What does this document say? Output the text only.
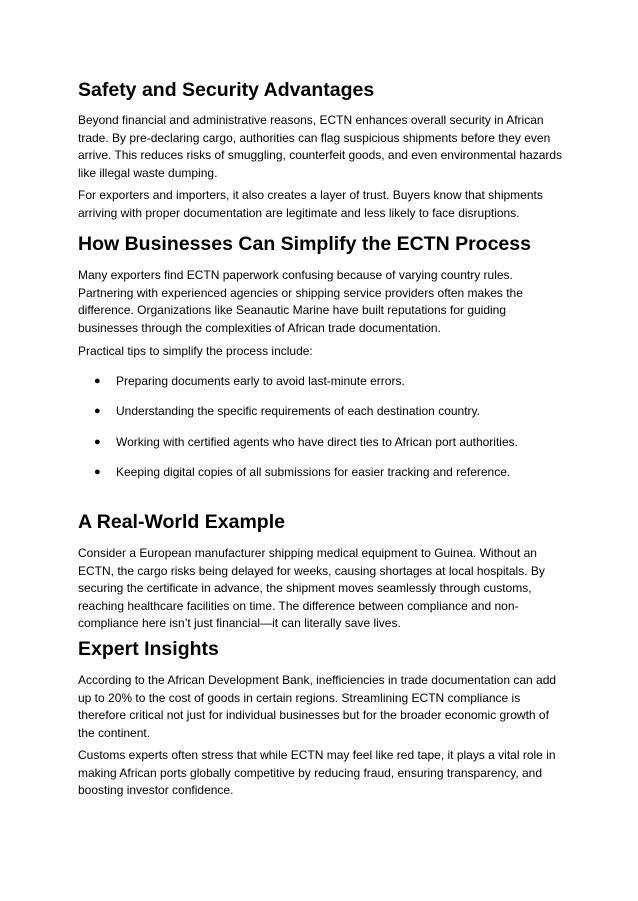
Safety and Security Advantages

Beyond financial and administrative reasons, ECTN enhances overall security in African trade. By pre-declaring cargo, authorities can flag suspicious shipments before they even arrive. This reduces risks of smuggling, counterfeit goods, and even environmental hazards like illegal waste dumping.

For exporters and importers, it also creates a layer of trust. Buyers know that shipments arriving with proper documentation are legitimate and less likely to face disruptions.

How Businesses Can Simplify the ECTN Process

Many exporters find ECTN paperwork confusing because of varying country rules. Partnering with experienced agencies or shipping service providers often makes the difference. Organizations like Seanautic Marine have built reputations for guiding businesses through the complexities of African trade documentation.

Practical tips to simplify the process include:

● Preparing documents early to avoid last-minute errors.
● Understanding the specific requirements of each destination country.
● Working with certified agents who have direct ties to African port authorities.
● Keeping digital copies of all submissions for easier tracking and reference.
A Real-World Example

Consider a European manufacturer shipping medical equipment to Guinea. Without an ECTN, the cargo risks being delayed for weeks, causing shortages at local hospitals. By securing the certificate in advance, the shipment moves seamlessly through customs, reaching healthcare facilities on time. The difference between compliance and non-compliance here isn’t just financial—it can literally save lives.

Expert Insights

According to the African Development Bank, inefficiencies in trade documentation can add up to 20% to the cost of goods in certain regions. Streamlining ECTN compliance is therefore critical not just for individual businesses but for the broader economic growth of the continent.

Customs experts often stress that while ECTN may feel like red tape, it plays a vital role in making African ports globally competitive by reducing fraud, ensuring transparency, and boosting investor confidence.
